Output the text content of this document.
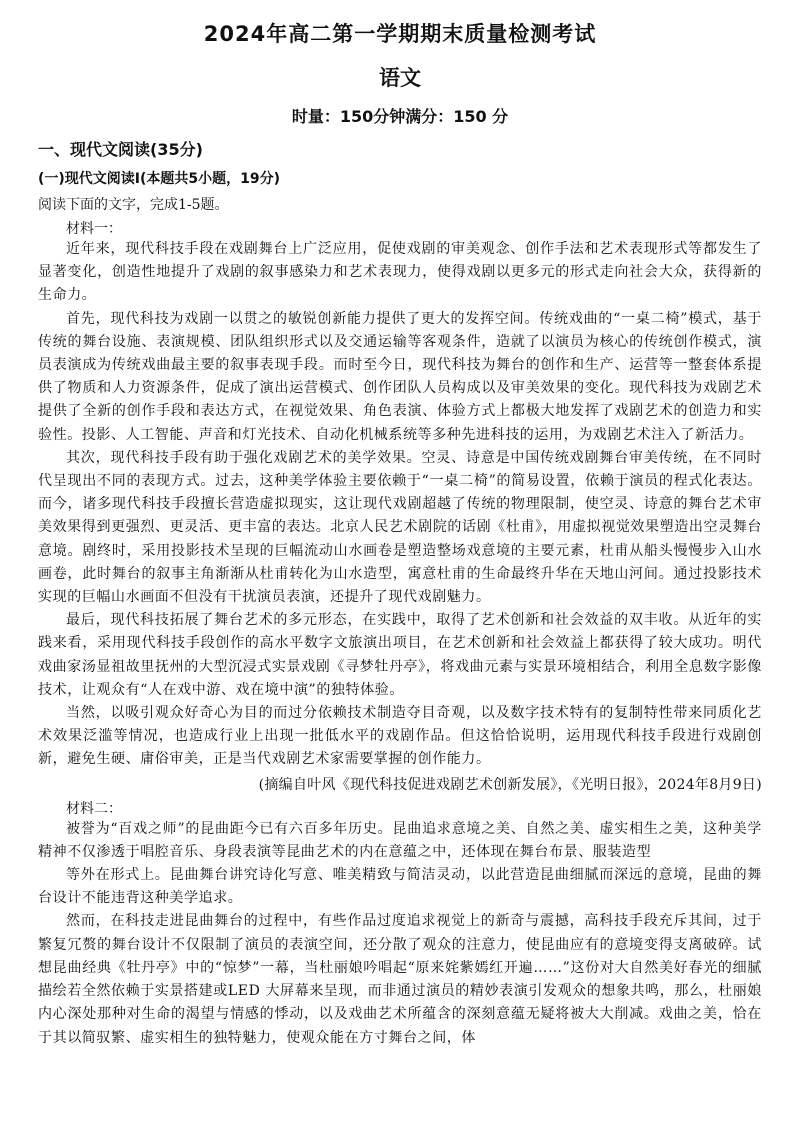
2024年高二第一学期期末质量检测考试
语文
时量：150分钟满分：150 分
一、现代文阅读(35分)
(一)现代文阅读Ⅰ(本题共5小题，19分)
阅读下面的文字，完成1-5题。
材料一：

近年来，现代科技手段在戏剧舞台上广泛应用，促使戏剧的审美观念、创作手法和艺术表现形式等都发生了显著变化，创造性地提升了戏剧的叙事感染力和艺术表现力，使得戏剧以更多元的形式走向社会大众，获得新的生命力。

首先，现代科技为戏剧一以贯之的敏锐创新能力提供了更大的发挥空间。传统戏曲的“一桌二椅”模式，基于传统的舞台设施、表演规模、团队组织形式以及交通运输等客观条件，造就了以演员为核心的传统创作模式，演员表演成为传统戏曲最主要的叙事表现手段。而时至今日，现代科技为舞台的创作和生产、运营等一整套体系提供了物质和人力资源条件，促成了演出运营模式、创作团队人员构成以及审美效果的变化。现代科技为戏剧艺术提供了全新的创作手段和表达方式，在视觉效果、角色表演、体验方式上都极大地发挥了戏剧艺术的创造力和实验性。投影、人工智能、声音和灯光技术、自动化机械系统等多种先进科技的运用，为戏剧艺术注入了新活力。

其次，现代科技手段有助于强化戏剧艺术的美学效果。空灵、诗意是中国传统戏剧舞台审美传统，在不同时代呈现出不同的表现方式。过去，这种美学体验主要依赖于“一桌二椅”的简易设置，依赖于演员的程式化表达。而今，诸多现代科技手段擅长营造虚拟现实，这让现代戏剧超越了传统的物理限制，使空灵、诗意的舞台艺术审美效果得到更强烈、更灵活、更丰富的表达。北京人民艺术剧院的话剧《杜甫》，用虚拟视觉效果塑造出空灵舞台意境。剧终时，采用投影技术呈现的巨幅流动山水画卷是塑造整场戏意境的主要元素，杜甫从船头慢慢步入山水画卷，此时舞台的叙事主角渐渐从杜甫转化为山水造型，寓意杜甫的生命最终升华在天地山河间。通过投影技术实现的巨幅山水画面不但没有干扰演员表演，还提升了现代戏剧魅力。

最后，现代科技拓展了舞台艺术的多元形态，在实践中，取得了艺术创新和社会效益的双丰收。从近年的实践来看，采用现代科技手段创作的高水平数字文旅演出项目，在艺术创新和社会效益上都获得了较大成功。明代戏曲家汤显祖故里抚州的大型沉浸式实景戏剧《寻梦牡丹亭》，将戏曲元素与实景环境相结合，利用全息数字影像技术，让观众有“人在戏中游、戏在境中演”的独特体验。

当然，以吸引观众好奇心为目的而过分依赖技术制造夺目奇观，以及数字技术特有的复制特性带来同质化艺术效果泛滥等情况，也造成行业上出现一批低水平的戏剧作品。但这恰恰说明，运用现代科技手段进行戏剧创新，避免生硬、庸俗审美，正是当代戏剧艺术家需要掌握的创作能力。

(摘编自叶风《现代科技促进戏剧艺术创新发展》，《光明日报》，2024年8月9日)
材料二：

被誉为“百戏之师”的昆曲距今已有六百多年历史。昆曲追求意境之美、自然之美、虚实相生之美，这种美学精神不仅渗透于唱腔音乐、身段表演等昆曲艺术的内在意蕴之中，还体现在舞台布景、服装造型

等外在形式上。昆曲舞台讲究诗化写意、唯美精致与简洁灵动，以此营造昆曲细腻而深远的意境，昆曲的舞台设计不能违背这种美学追求。

然而，在科技走进昆曲舞台的过程中，有些作品过度追求视觉上的新奇与震撼，高科技手段充斥其间，过于繁复冗赘的舞台设计不仅限制了演员的表演空间，还分散了观众的注意力，使昆曲应有的意境变得支离破碎。试想昆曲经典《牡丹亭》中的“惊梦”一幕，当杜丽娘吟唱起“原来姹紫嫣红开遍……”这份对大自然美好春光的细腻描绘若全然依赖于实景搭建或LED 大屏幕来呈现，而非通过演员的精妙表演引发观众的想象共鸣，那么，杜丽娘内心深处那种对生命的渴望与情感的悸动，以及戏曲艺术所蕴含的深刻意蕴无疑将被大大削减。戏曲之美，恰在于其以简驭繁、虚实相生的独特魅力，使观众能在方寸舞台之间，体
